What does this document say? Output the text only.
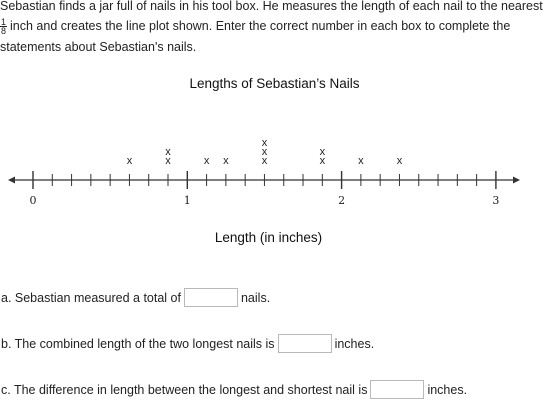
Sebastian finds a jar full of nails in his tool box. He measures the length of each nail to the nearest
$\frac{1}{8}$ inch and creates the line plot shown. Enter the correct number in each box to complete the
statements about Sebastian's nails.
Lengths of Sebastian’s Nails
0	1	2	3
x	x
x
x x	x
x
x
x
x
x	x
Length (in inches)
a. Sebastian measured a total of	nails.
b. The combined length of the two longest nails is	inches.
c. The difference in length between the longest and shortest nail is	inches.
